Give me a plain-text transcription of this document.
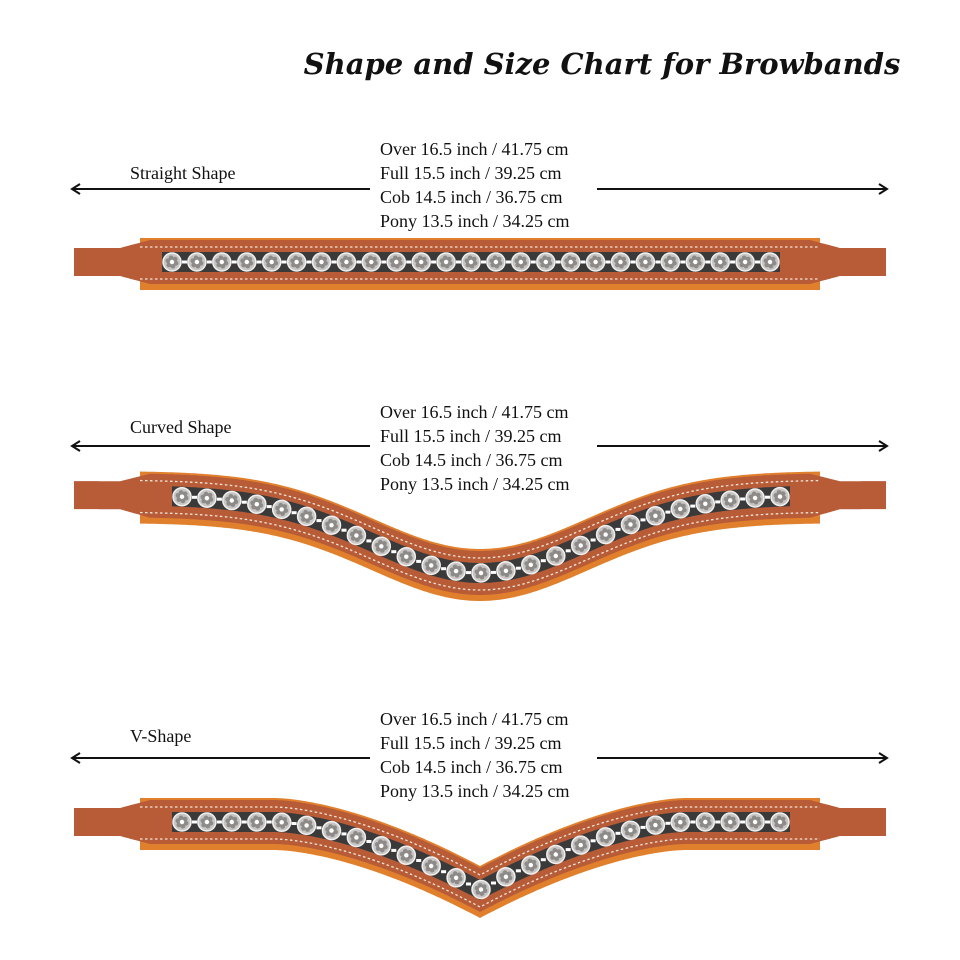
Shape and Size Chart for Browbands
Straight Shape
Over 16.5 inch / 41.75 cm
Full 15.5 inch / 39.25 cm
Cob 14.5 inch / 36.75 cm
Pony 13.5 inch / 34.25 cm
Curved Shape
Over 16.5 inch / 41.75 cm
Full 15.5 inch / 39.25 cm
Cob 14.5 inch / 36.75 cm
Pony 13.5 inch / 34.25 cm
V-Shape
Over 16.5 inch / 41.75 cm
Full 15.5 inch / 39.25 cm
Cob 14.5 inch / 36.75 cm
Pony 13.5 inch / 34.25 cm
